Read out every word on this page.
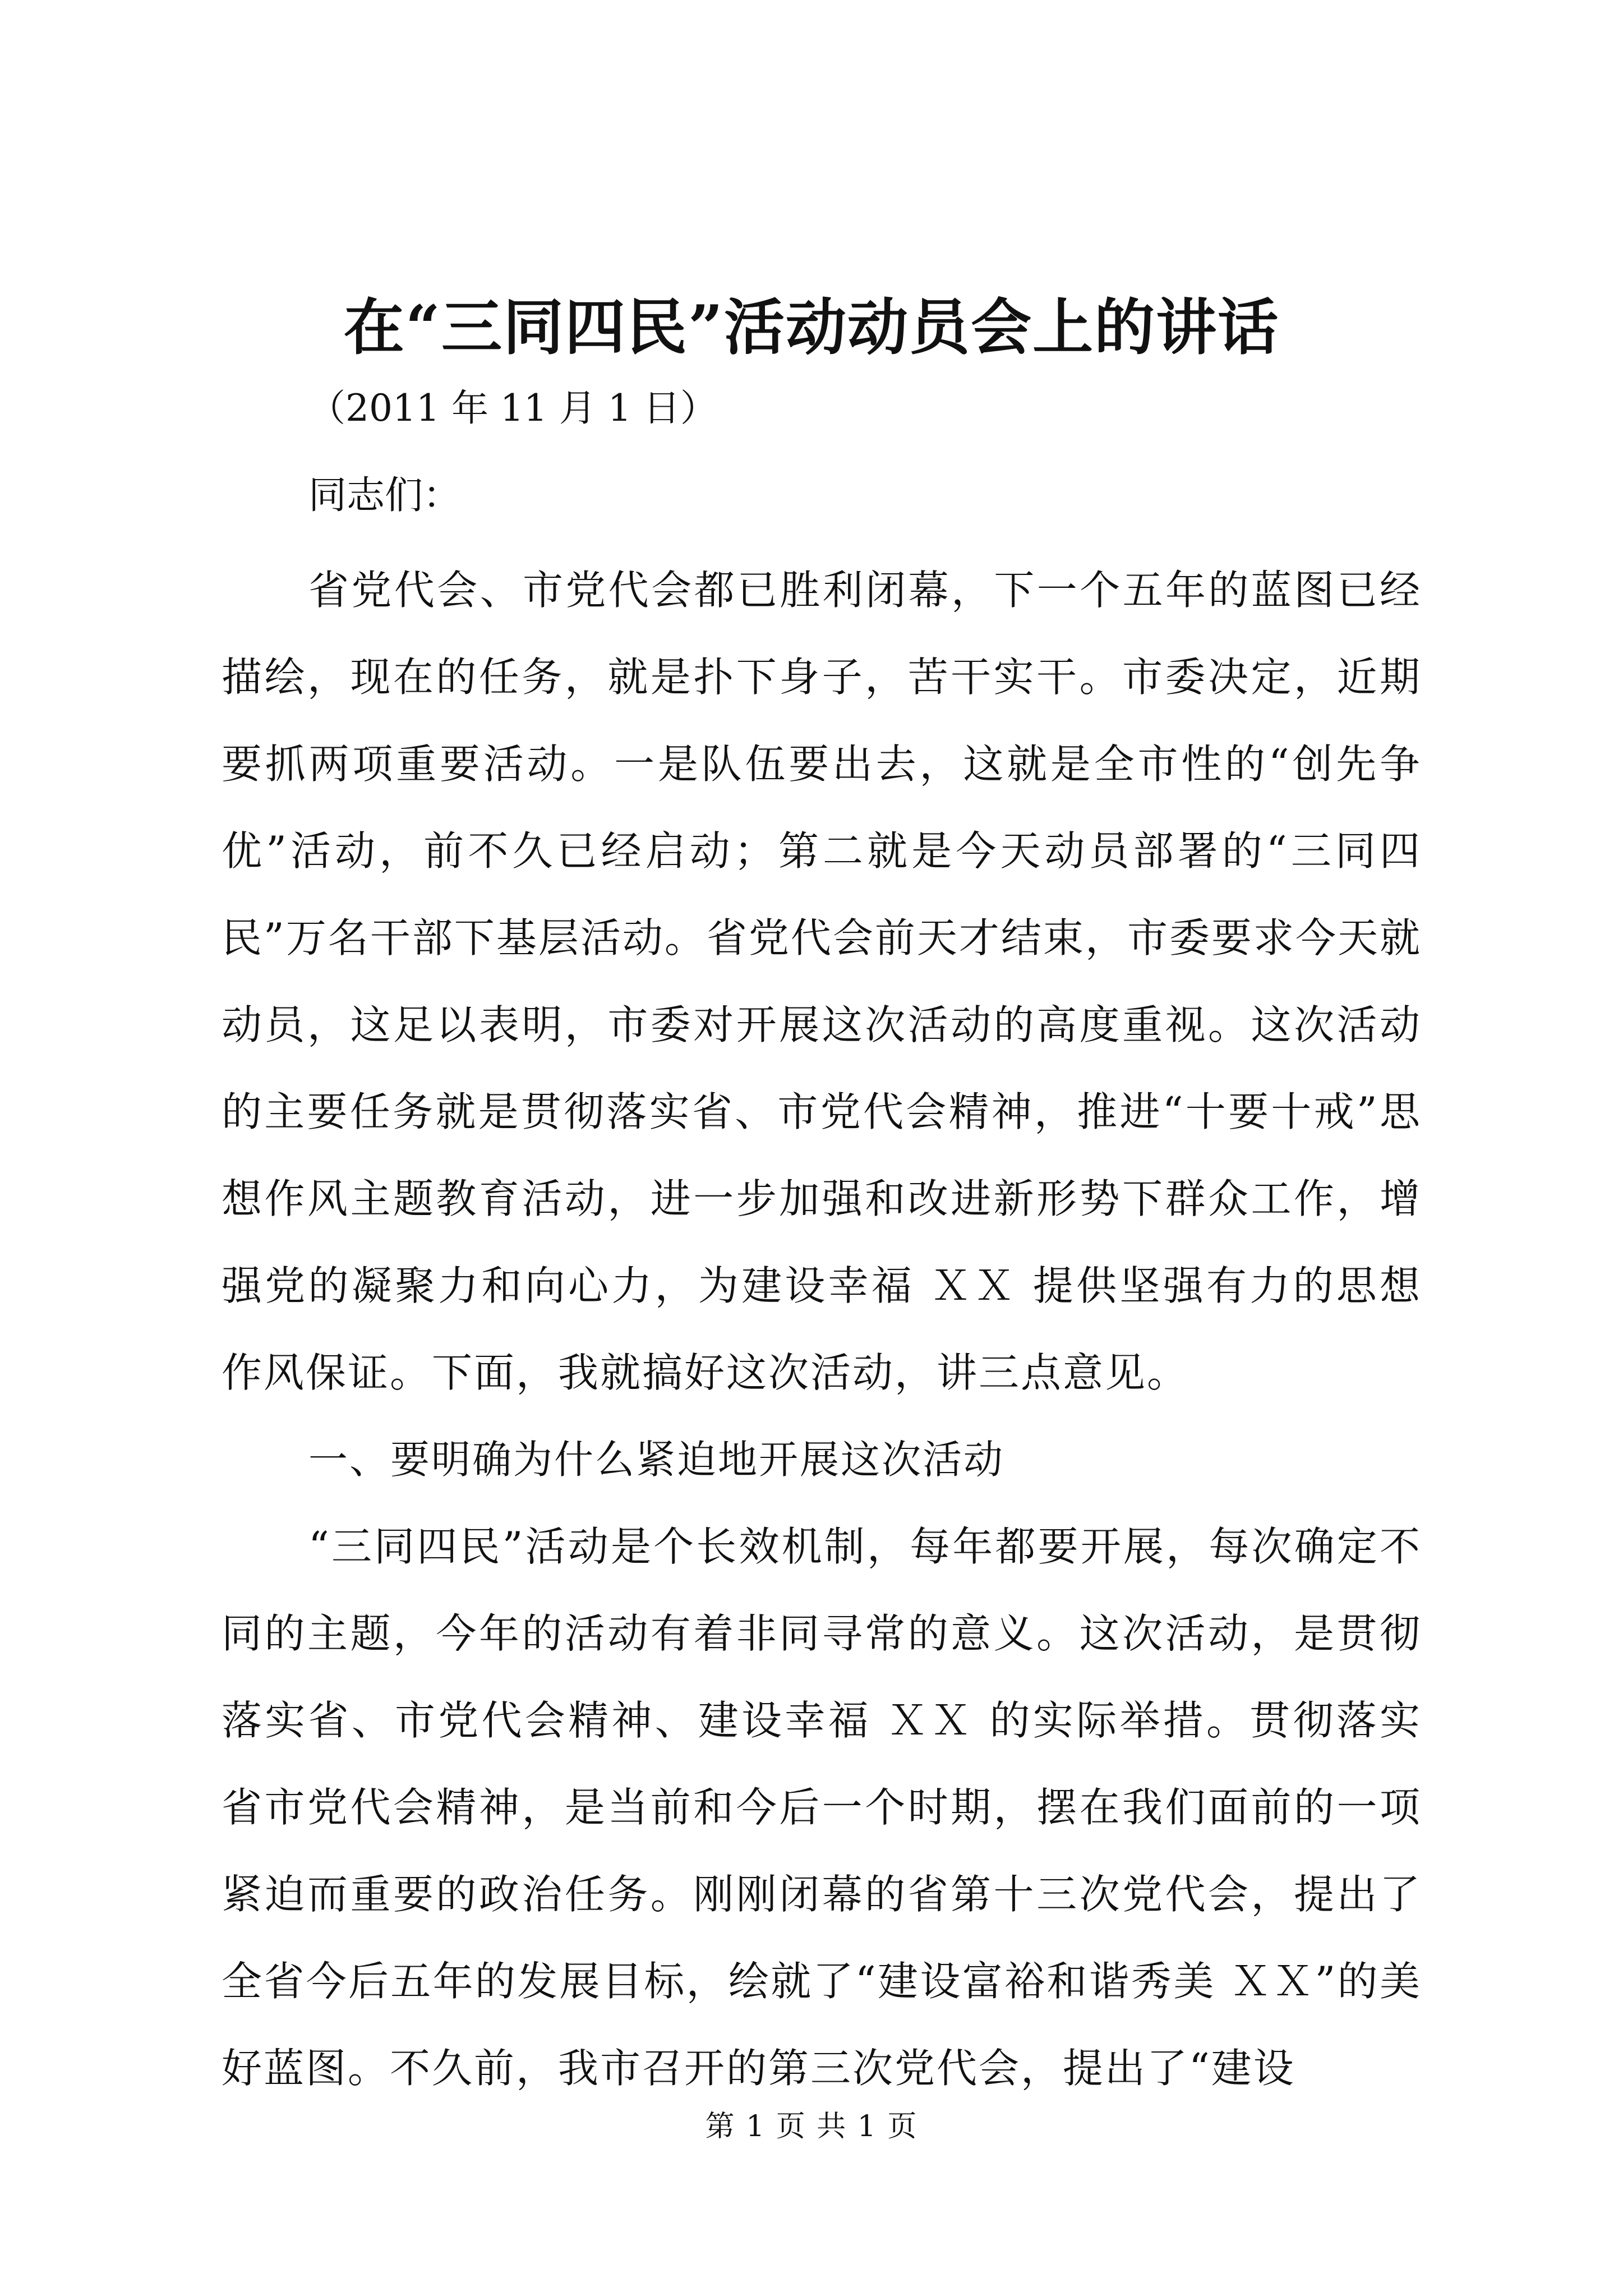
在“三同四民”活动动员会上的讲话
（2011 年 11 月 1 日）
同志们：

省党代会、市党代会都已胜利闭幕，下一个五年的蓝图已经描绘，现在的任务，就是扑下身子，苦干实干。市委决定，近期要抓两项重要活动。一是队伍要出去，这就是全市性的“创先争优”活动，前不久已经启动；第二就是今天动员部署的“三同四民”万名干部下基层活动。省党代会前天才结束，市委要求今天就动员，这足以表明，市委对开展这次活动的高度重视。这次活动的主要任务就是贯彻落实省、市党代会精神，推进“十要十戒”思想作风主题教育活动，进一步加强和改进新形势下群众工作，增强党的凝聚力和向心力，为建设幸福 ＸＸ 提供坚强有力的思想作风保证。下面，我就搞好这次活动，讲三点意见。

一、要明确为什么紧迫地开展这次活动

“三同四民”活动是个长效机制，每年都要开展，每次确定不同的主题，今年的活动有着非同寻常的意义。这次活动，是贯彻落实省、市党代会精神、建设幸福 ＸＸ 的实际举措。贯彻落实省市党代会精神，是当前和今后一个时期，摆在我们面前的一项紧迫而重要的政治任务。刚刚闭幕的省第十三次党代会，提出了全省今后五年的发展目标，绘就了“建设富裕和谐秀美 ＸＸ”的美好蓝图。不久前，我市召开的第三次党代会，提出了“建设

第 1 页 共 1 页
